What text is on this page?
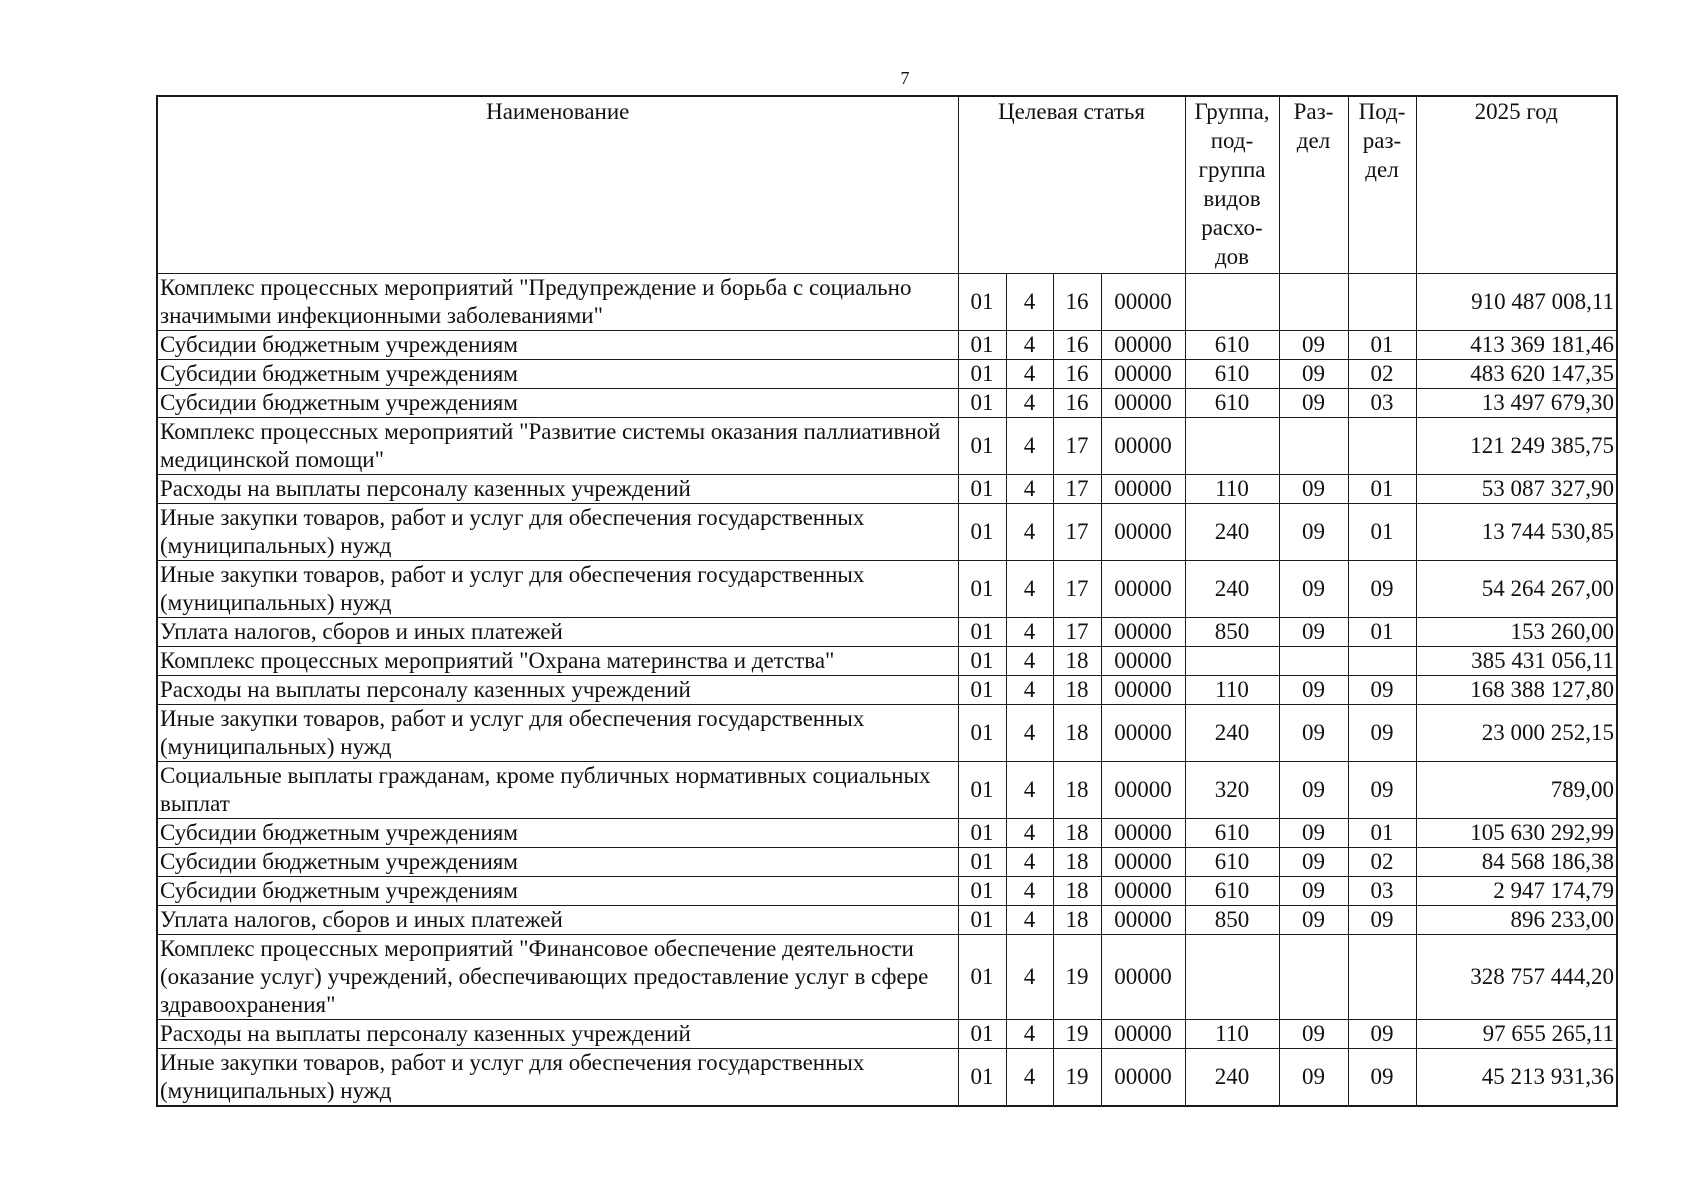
7
Наименование	Целевая статья				Группа, под-группа видов расхо-дов	Раз-дел	Под-раз-дел	2025 год
Комплекс процессных мероприятий "Предупреждение и борьба с социально значимыми инфекционными заболеваниями"	01	4	16	00000				910 487 008,11
Субсидии бюджетным учреждениям	01	4	16	00000	610	09	01	413 369 181,46
Субсидии бюджетным учреждениям	01	4	16	00000	610	09	02	483 620 147,35
Субсидии бюджетным учреждениям	01	4	16	00000	610	09	03	13 497 679,30
Комплекс процессных мероприятий "Развитие системы оказания паллиативной медицинской помощи"	01	4	17	00000				121 249 385,75
Расходы на выплаты персоналу казенных учреждений	01	4	17	00000	110	09	01	53 087 327,90
Иные закупки товаров, работ и услуг для обеспечения государственных (муниципальных) нужд	01	4	17	00000	240	09	01	13 744 530,85
Иные закупки товаров, работ и услуг для обеспечения государственных (муниципальных) нужд	01	4	17	00000	240	09	09	54 264 267,00
Уплата налогов, сборов и иных платежей	01	4	17	00000	850	09	01	153 260,00
Комплекс процессных мероприятий "Охрана материнства и детства"	01	4	18	00000				385 431 056,11
Расходы на выплаты персоналу казенных учреждений	01	4	18	00000	110	09	09	168 388 127,80
Иные закупки товаров, работ и услуг для обеспечения государственных (муниципальных) нужд	01	4	18	00000	240	09	09	23 000 252,15
Социальные выплаты гражданам, кроме публичных нормативных социальных выплат	01	4	18	00000	320	09	09	789,00
Субсидии бюджетным учреждениям	01	4	18	00000	610	09	01	105 630 292,99
Субсидии бюджетным учреждениям	01	4	18	00000	610	09	02	84 568 186,38
Субсидии бюджетным учреждениям	01	4	18	00000	610	09	03	2 947 174,79
Уплата налогов, сборов и иных платежей	01	4	18	00000	850	09	09	896 233,00
Комплекс процессных мероприятий "Финансовое обеспечение деятельности (оказание услуг) учреждений, обеспечивающих предоставление услуг в сфере здравоохранения"	01	4	19	00000				328 757 444,20
Расходы на выплаты персоналу казенных учреждений	01	4	19	00000	110	09	09	97 655 265,11
Иные закупки товаров, работ и услуг для обеспечения государственных (муниципальных) нужд	01	4	19	00000	240	09	09	45 213 931,36
